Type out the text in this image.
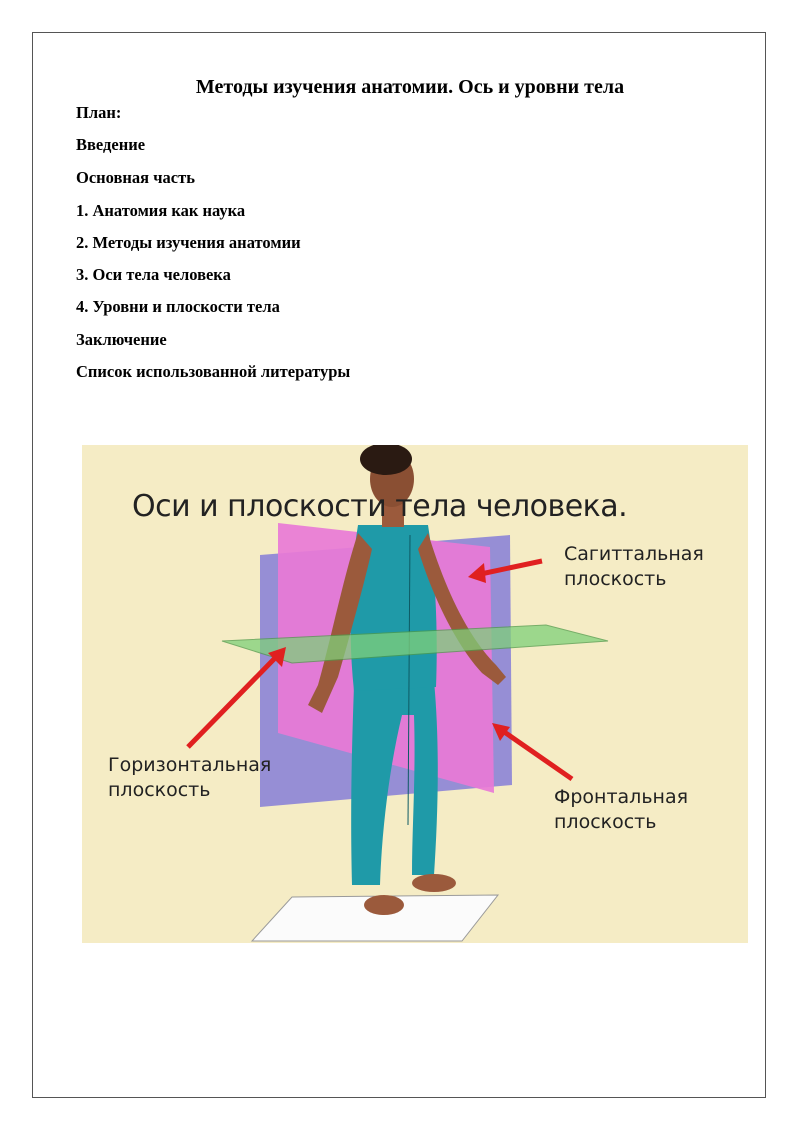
Методы изучения анатомии. Ось и уровни тела
План:
Введение
Основная часть
1. Анатомия как наука
2. Методы изучения анатомии
3. Оси тела человека
4. Уровни и плоскости тела
Заключение
Список использованной литературы
Оси и плоскости тела человека.
Сагиттальная
плоскость
Горизонтальная
плоскость	Фронтальная
плоскость
